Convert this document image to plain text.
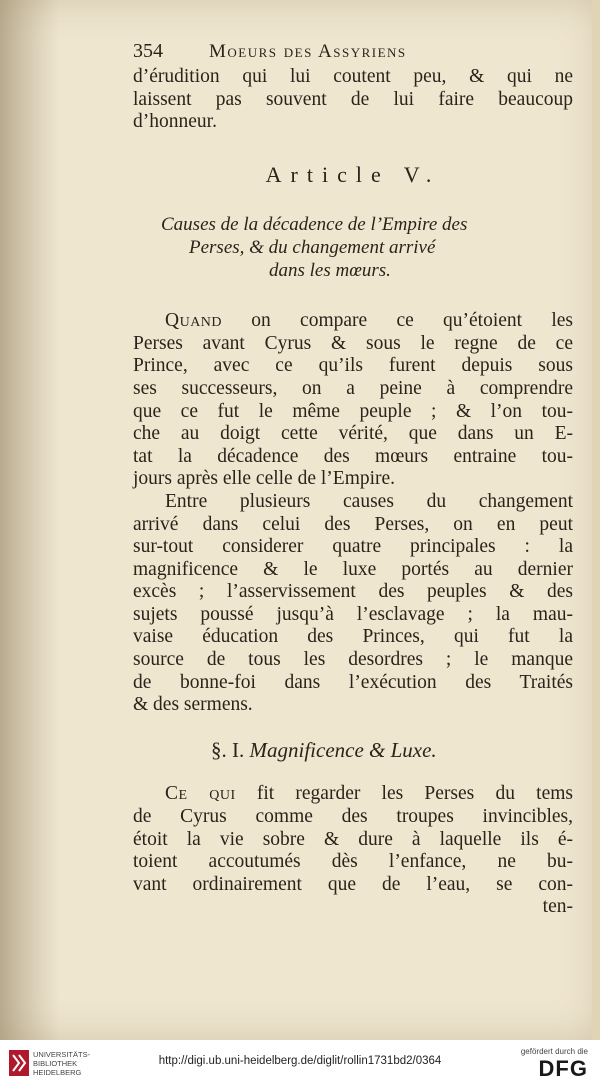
354	Moeurs des Assyriens
d’érudition qui lui coutent peu, & qui ne
laissent pas souvent de lui faire beaucoup
d’honneur.
Article V.
Causes de la décadence de l’Empire des
Perses, & du changement arrivé
dans les mœurs.
Quand on compare ce qu’étoient les
Perses avant Cyrus & sous le regne de ce
Prince, avec ce qu’ils furent depuis sous
ses successeurs, on a peine à comprendre
que ce fut le même peuple ; & l’on tou-
che au doigt cette vérité, que dans un E-
tat la décadence des mœurs entraine tou-
jours après elle celle de l’Empire.
Entre plusieurs causes du changement
arrivé dans celui des Perses, on en peut
sur-tout considerer quatre principales : la
magnificence & le luxe portés au dernier
excès ; l’asservissement des peuples & des
sujets poussé jusqu’à l’esclavage ; la mau-
vaise éducation des Princes, qui fut la
source de tous les desordres ; le manque
de bonne-foi dans l’exécution des Traités
& des sermens.
§. I. Magnificence & Luxe.
Ce qui fit regarder les Perses du tems
de Cyrus comme des troupes invincibles,
étoit la vie sobre & dure à laquelle ils é-
toient accoutumés dès l’enfance, ne bu-
vant ordinairement que de l’eau, se con-
ten-
UNIVERSITÄTS-
BIBLIOTHEK
HEIDELBERG
http://digi.ub.uni-heidelberg.de/diglit/rollin1731bd2/0364
gefördert durch die
DFG
